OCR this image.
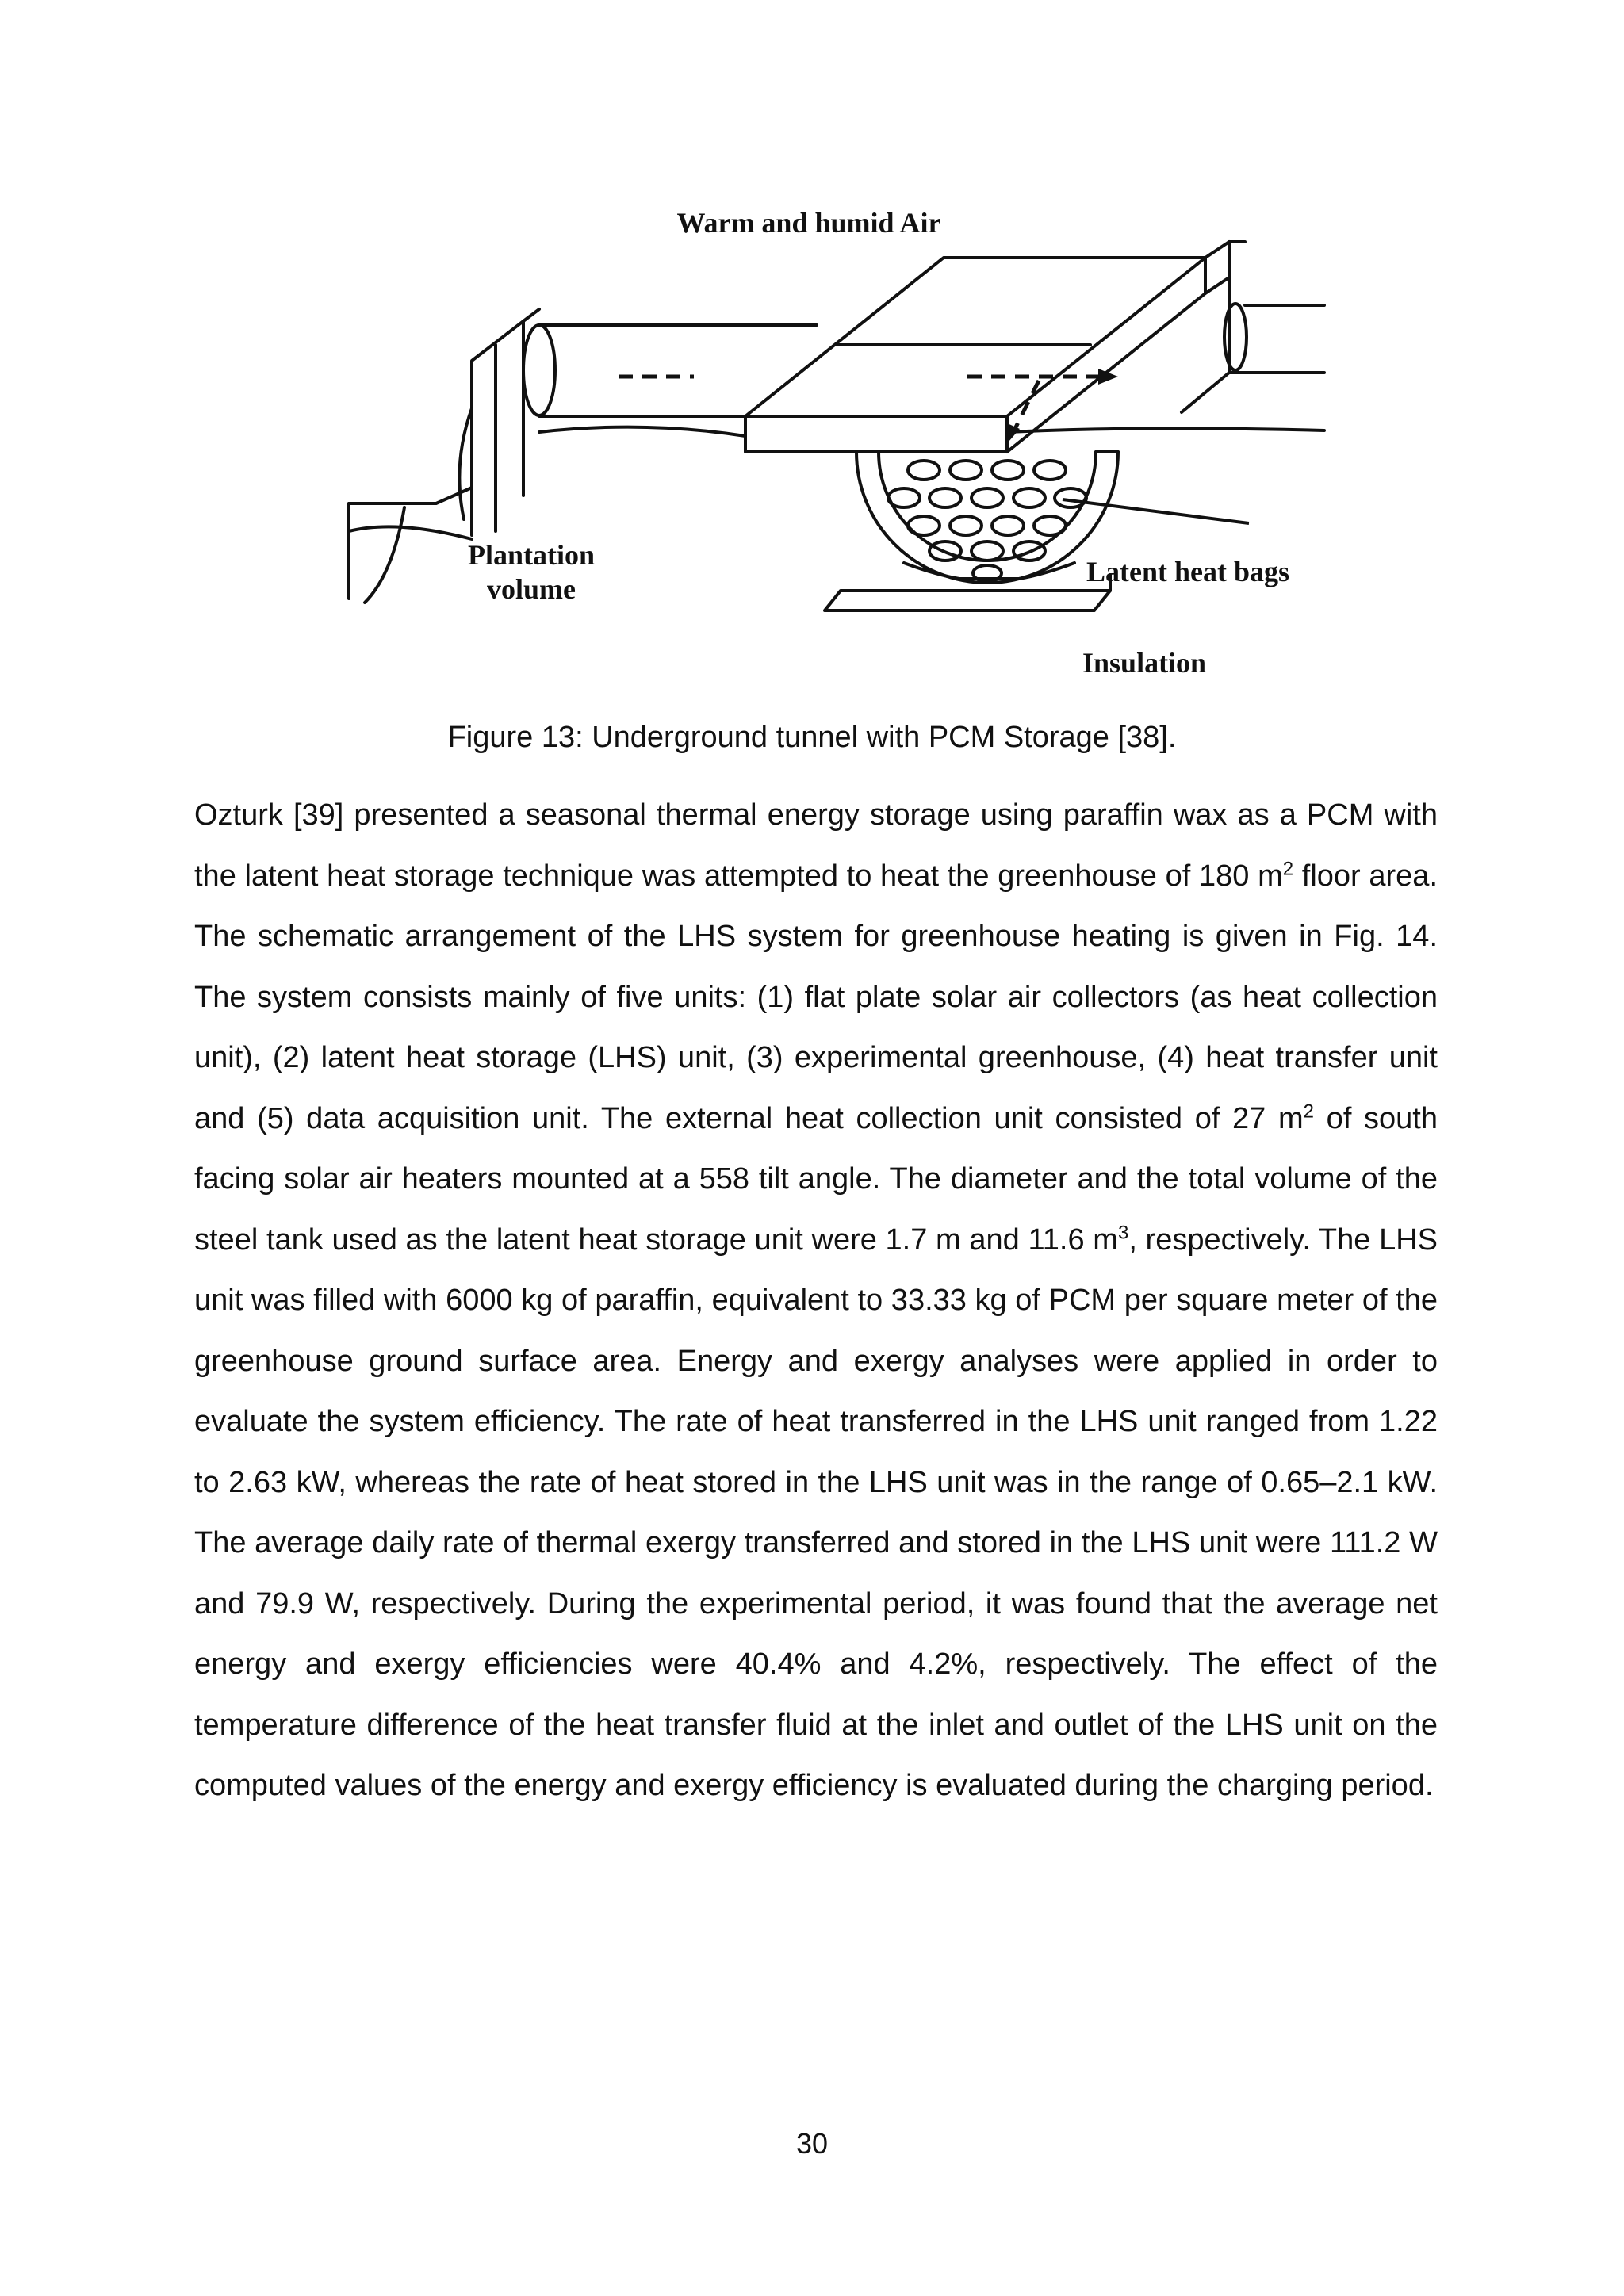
Warm and humid Air
Plantation
volume
Latent heat bags
Insulation
Figure 13: Underground tunnel with PCM Storage [38].

Ozturk [39] presented a seasonal thermal energy storage using paraffin wax as a PCM with the latent heat storage technique was attempted to heat the greenhouse of 180 $m^2$ floor area. The schematic arrangement of the LHS system for greenhouse heating is given in Fig. 14. The system consists mainly of five units: (1) flat plate solar air collectors (as heat collection unit), (2) latent heat storage (LHS) unit, (3) experimental greenhouse, (4) heat transfer unit and (5) data acquisition unit. The external heat collection unit consisted of 27 $m^2$ of south facing solar air heaters mounted at a 558 tilt angle. The diameter and the total volume of the steel tank used as the latent heat storage unit were 1.7 m and 11.6 $m^3$, respectively. The LHS unit was filled with 6000 kg of paraffin, equivalent to 33.33 kg of PCM per square meter of the greenhouse ground surface area. Energy and exergy analyses were applied in order to evaluate the system efficiency. The rate of heat transferred in the LHS unit ranged from 1.22 to 2.63 kW, whereas the rate of heat stored in the LHS unit was in the range of 0.65–2.1 kW. The average daily rate of thermal exergy transferred and stored in the LHS unit were 111.2 W and 79.9 W, respectively. During the experimental period, it was found that the average net energy and exergy efficiencies were 40.4% and 4.2%, respectively. The effect of the temperature difference of the heat transfer fluid at the inlet and outlet of the LHS unit on the computed values of the energy and exergy efficiency is evaluated during the charging period.

30
